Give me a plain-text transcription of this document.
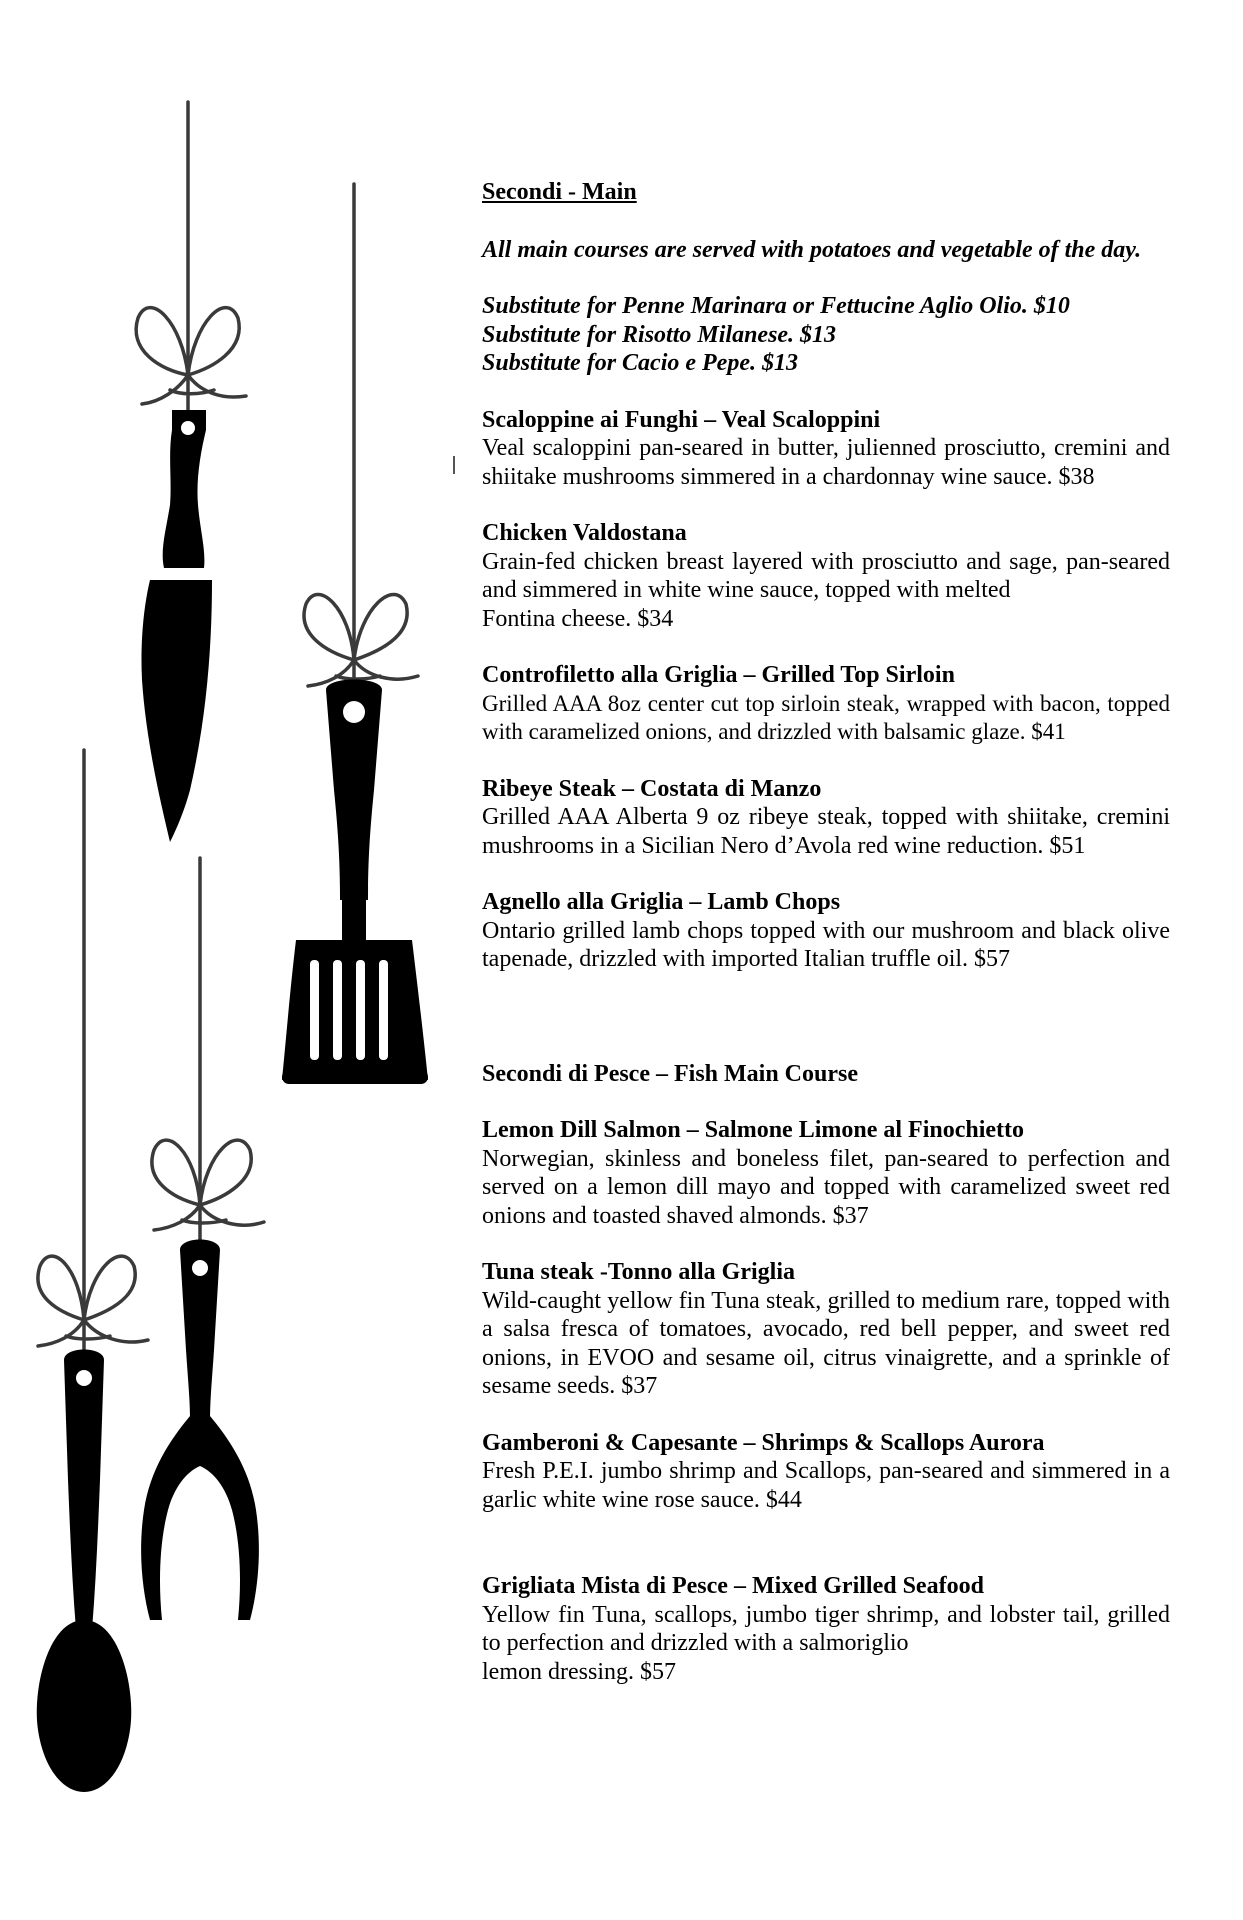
Secondi - Main
All main courses are served with potatoes and vegetable of the day.
Substitute for Penne Marinara or Fettucine Aglio Olio. $10
Substitute for Risotto Milanese. $13
Substitute for Cacio e Pepe. $13
Scaloppine ai Funghi – Veal Scaloppini
Veal scaloppini pan-seared in butter, julienned prosciutto, cremini and shiitake mushrooms simmered in a chardonnay wine sauce. $38
Chicken Valdostana
Grain-fed chicken breast layered with prosciutto and sage, pan-seared and simmered in white wine sauce, topped with melted
Fontina cheese. $34
Controfiletto alla Griglia – Grilled Top Sirloin
Grilled AAA 8oz center cut top sirloin steak, wrapped with bacon, topped with caramelized onions, and drizzled with balsamic glaze. $41
Ribeye Steak – Costata di Manzo
Grilled AAA Alberta 9 oz ribeye steak, topped with shiitake, cremini mushrooms in a Sicilian Nero d’Avola red wine reduction. $51
Agnello alla Griglia – Lamb Chops
Ontario grilled lamb chops topped with our mushroom and black olive tapenade, drizzled with imported Italian truffle oil. $57
Secondi di Pesce – Fish Main Course
Lemon Dill Salmon – Salmone Limone al Finochietto
Norwegian, skinless and boneless filet, pan-seared to perfection and served on a lemon dill mayo and topped with caramelized sweet red onions and toasted shaved almonds. $37
Tuna steak -Tonno alla Griglia
Wild-caught yellow fin Tuna steak, grilled to medium rare, topped with a salsa fresca of tomatoes, avocado, red bell pepper, and sweet red onions, in EVOO and sesame oil, citrus vinaigrette, and a sprinkle of sesame seeds. $37
Gamberoni & Capesante – Shrimps & Scallops Aurora
Fresh P.E.I. jumbo shrimp and Scallops, pan-seared and simmered in a garlic white wine rose sauce. $44
Grigliata Mista di Pesce – Mixed Grilled Seafood
Yellow fin Tuna, scallops, jumbo tiger shrimp, and lobster tail, grilled to perfection and drizzled with a salmoriglio
lemon dressing. $57
